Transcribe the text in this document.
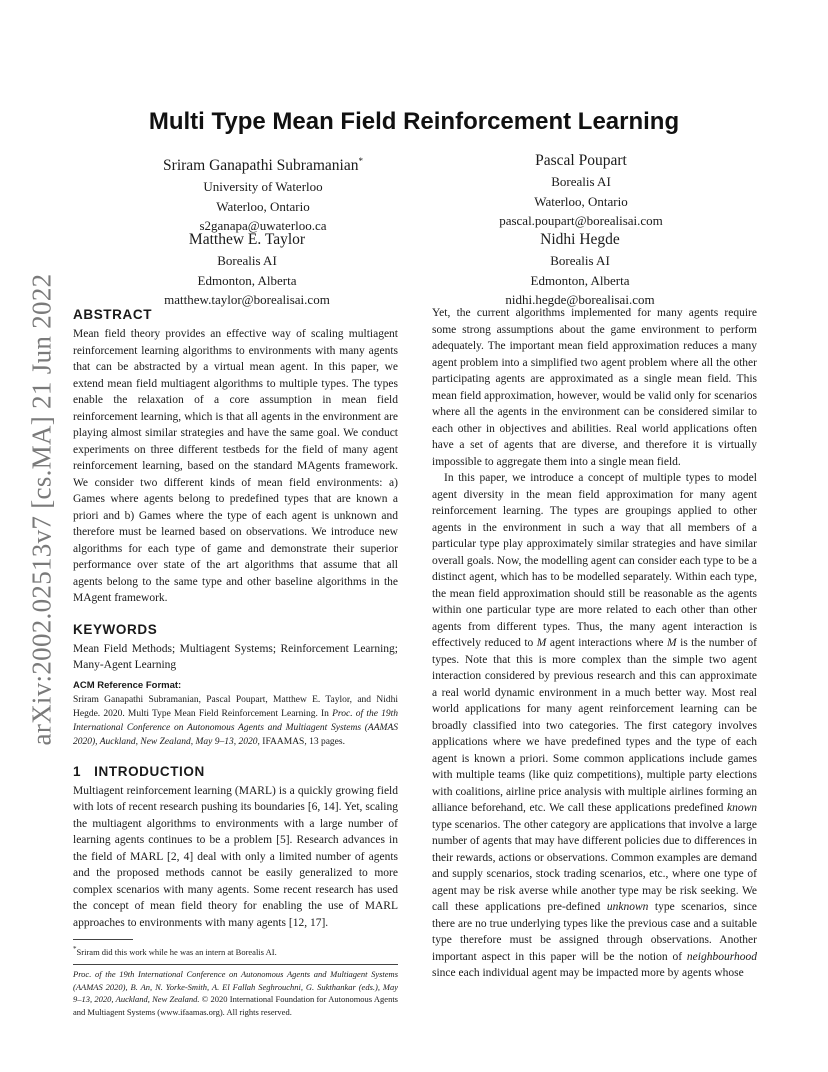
arXiv:2002.02513v7 [cs.MA] 21 Jun 2022
Multi Type Mean Field Reinforcement Learning
Sriram Ganapathi Subramanian*
University of Waterloo
Waterloo, Ontario
s2ganapa@uwaterloo.ca
Pascal Poupart
Borealis AI
Waterloo, Ontario
pascal.poupart@borealisai.com
Matthew E. Taylor
Borealis AI
Edmonton, Alberta
matthew.taylor@borealisai.com
Nidhi Hegde
Borealis AI
Edmonton, Alberta
nidhi.hegde@borealisai.com
ABSTRACT

Mean field theory provides an effective way of scaling multiagent reinforcement learning algorithms to environments with many agents that can be abstracted by a virtual mean agent. In this paper, we extend mean field multiagent algorithms to multiple types. The types enable the relaxation of a core assumption in mean field reinforcement learning, which is that all agents in the environment are playing almost similar strategies and have the same goal. We conduct experiments on three different testbeds for the field of many agent reinforcement learning, based on the standard MAgents framework. We consider two different kinds of mean field environments: a) Games where agents belong to predefined types that are known a priori and b) Games where the type of each agent is unknown and therefore must be learned based on observations. We introduce new algorithms for each type of game and demonstrate their superior performance over state of the art algorithms that assume that all agents belong to the same type and other baseline algorithms in the MAgent framework.

KEYWORDS

Mean Field Methods; Multiagent Systems; Reinforcement Learning; Many-Agent Learning

ACM Reference Format:

Sriram Ganapathi Subramanian, Pascal Poupart, Matthew E. Taylor, and Nidhi Hegde. 2020. Multi Type Mean Field Reinforcement Learning. In Proc. of the 19th International Conference on Autonomous Agents and Multiagent Systems (AAMAS 2020), Auckland, New Zealand, May 9–13, 2020, IFAAMAS, 13 pages.

1 INTRODUCTION

Multiagent reinforcement learning (MARL) is a quickly growing field with lots of recent research pushing its boundaries [6, 14]. Yet, scaling the multiagent algorithms to environments with a large number of learning agents continues to be a problem [5]. Research advances in the field of MARL [2, 4] deal with only a limited number of agents and the proposed methods cannot be easily generalized to more complex scenarios with many agents. Some recent research has used the concept of mean field theory for enabling the use of MARL approaches to environments with many agents [12, 17].

*Sriram did this work while he was an intern at Borealis AI.

Proc. of the 19th International Conference on Autonomous Agents and Multiagent Systems (AAMAS 2020), B. An, N. Yorke-Smith, A. El Fallah Seghrouchni, G. Sukthankar (eds.), May 9–13, 2020, Auckland, New Zealand. © 2020 International Foundation for Autonomous Agents and Multiagent Systems (www.ifaamas.org). All rights reserved.

Yet, the current algorithms implemented for many agents require some strong assumptions about the game environment to perform adequately. The important mean field approximation reduces a many agent problem into a simplified two agent problem where all the other participating agents are approximated as a single mean field. This mean field approximation, however, would be valid only for scenarios where all the agents in the environment can be considered similar to each other in objectives and abilities. Real world applications often have a set of agents that are diverse, and therefore it is virtually impossible to aggregate them into a single mean field.

In this paper, we introduce a concept of multiple types to model agent diversity in the mean field approximation for many agent reinforcement learning. The types are groupings applied to other agents in the environment in such a way that all members of a particular type play approximately similar strategies and have similar overall goals. Now, the modelling agent can consider each type to be a distinct agent, which has to be modelled separately. Within each type, the mean field approximation should still be reasonable as the agents within one particular type are more related to each other than other agents from different types. Thus, the many agent interaction is effectively reduced to M agent interactions where M is the number of types. Note that this is more complex than the simple two agent interaction considered by previous research and this can approximate a real world dynamic environment in a much better way. Most real world applications for many agent reinforcement learning can be broadly classified into two categories. The first category involves applications where we have predefined types and the type of each agent is known a priori. Some common applications include games with multiple teams (like quiz competitions), multiple party elections with coalitions, airline price analysis with multiple airlines forming an alliance beforehand, etc. We call these applications predefined known type scenarios. The other category are applications that involve a large number of agents that may have different policies due to differences in their rewards, actions or observations. Common examples are demand and supply scenarios, stock trading scenarios, etc., where one type of agent may be risk averse while another type may be risk seeking. We call these applications pre-defined unknown type scenarios, since there are no true underlying types like the previous case and a suitable type therefore must be assigned through observations. Another important aspect in this paper will be the notion of neighbourhood since each individual agent may be impacted more by agents whose
